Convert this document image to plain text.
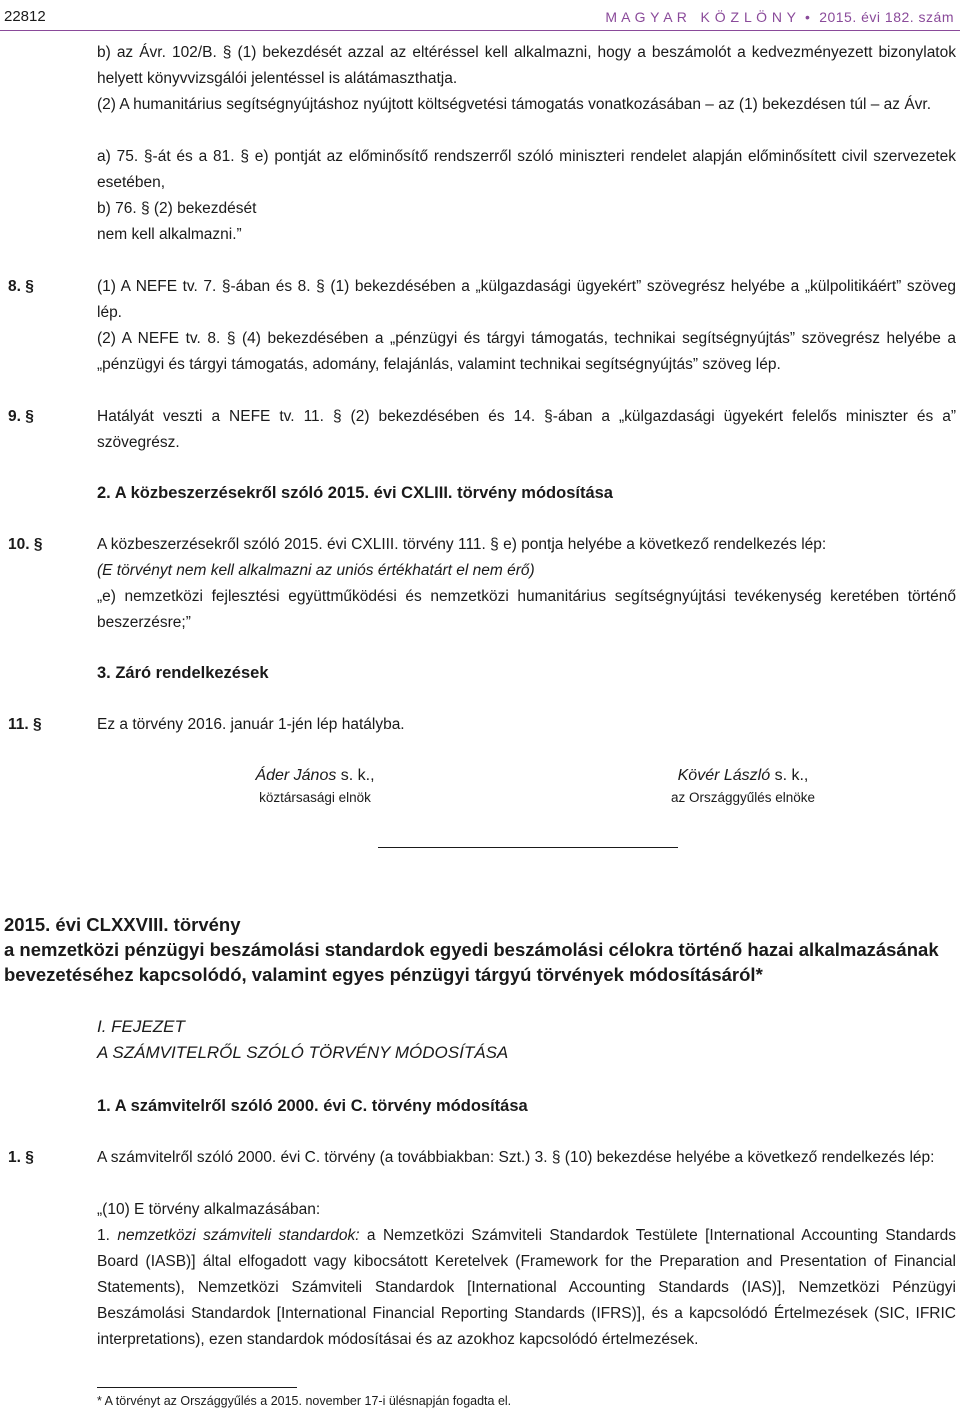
22812	M A G Y A R   K Ö Z L Ö N Y  •  2015. évi 182. szám
b) az Ávr. 102/B. § (1) bekezdését azzal az eltéréssel kell alkalmazni, hogy a beszámolót a kedvezményezett bizonylatok helyett könyvvizsgálói jelentéssel is alátámaszthatja.
(2) A humanitárius segítségnyújtáshoz nyújtott költségvetési támogatás vonatkozásában – az (1) bekezdésen túl – az Ávr.
a) 75. §-át és a 81. § e) pontját az előminősítő rendszerről szóló miniszteri rendelet alapján előminősített civil szervezetek esetében,
b) 76. § (2) bekezdését
nem kell alkalmazni.”
8. §	(1) A NEFE tv. 7. §-ában és 8. § (1) bekezdésében a „külgazdasági ügyekért” szövegrész helyébe a „külpolitikáért” szöveg lép.
(2) A NEFE tv. 8. § (4) bekezdésében a „pénzügyi és tárgyi támogatás, technikai segítségnyújtás” szövegrész helyébe a „pénzügyi és tárgyi támogatás, adomány, felajánlás, valamint technikai segítségnyújtás” szöveg lép.
9. §	Hatályát veszti a NEFE tv. 11. § (2) bekezdésében és 14. §-ában a „külgazdasági ügyekért felelős miniszter és a” szövegrész.
2. A közbeszerzésekről szóló 2015. évi CXLIII. törvény módosítása
10. §	A közbeszerzésekről szóló 2015. évi CXLIII. törvény 111. § e) pontja helyébe a következő rendelkezés lép:
(E törvényt nem kell alkalmazni az uniós értékhatárt el nem érő)
„e) nemzetközi fejlesztési együttműködési és nemzetközi humanitárius segítségnyújtási tevékenység keretében történő beszerzésre;”
3. Záró rendelkezések
11. §	Ez a törvény 2016. január 1-jén lép hatályba.
Áder János s. k.,
köztársasági elnök
Kövér László s. k.,
az Országgyűlés elnöke
2015. évi CLXXVIII. törvény
a nemzetközi pénzügyi beszámolási standardok egyedi beszámolási célokra történő hazai alkalmazásának bevezetéséhez kapcsolódó, valamint egyes pénzügyi tárgyú törvények módosításáról*
I. FEJEZET
A SZÁMVITELRŐL SZÓLÓ TÖRVÉNY MÓDOSÍTÁSA
1. A számvitelről szóló 2000. évi C. törvény módosítása
1. §	A számvitelről szóló 2000. évi C. törvény (a továbbiakban: Szt.) 3. § (10) bekezdése helyébe a következő rendelkezés lép:
„(10) E törvény alkalmazásában:
1. nemzetközi számviteli standardok: a Nemzetközi Számviteli Standardok Testülete [International Accounting Standards Board (IASB)] által elfogadott vagy kibocsátott Keretelvek (Framework for the Preparation and Presentation of Financial Statements), Nemzetközi Számviteli Standardok [International Accounting Standards (IAS)], Nemzetközi Pénzügyi Beszámolási Standardok [International Financial Reporting Standards (IFRS)], és a kapcsolódó Értelmezések (SIC, IFRIC interpretations), ezen standardok módosításai és az azokhoz kapcsolódó értelmezések.
* A törvényt az Országgyűlés a 2015. november 17-i ülésnapján fogadta el.
